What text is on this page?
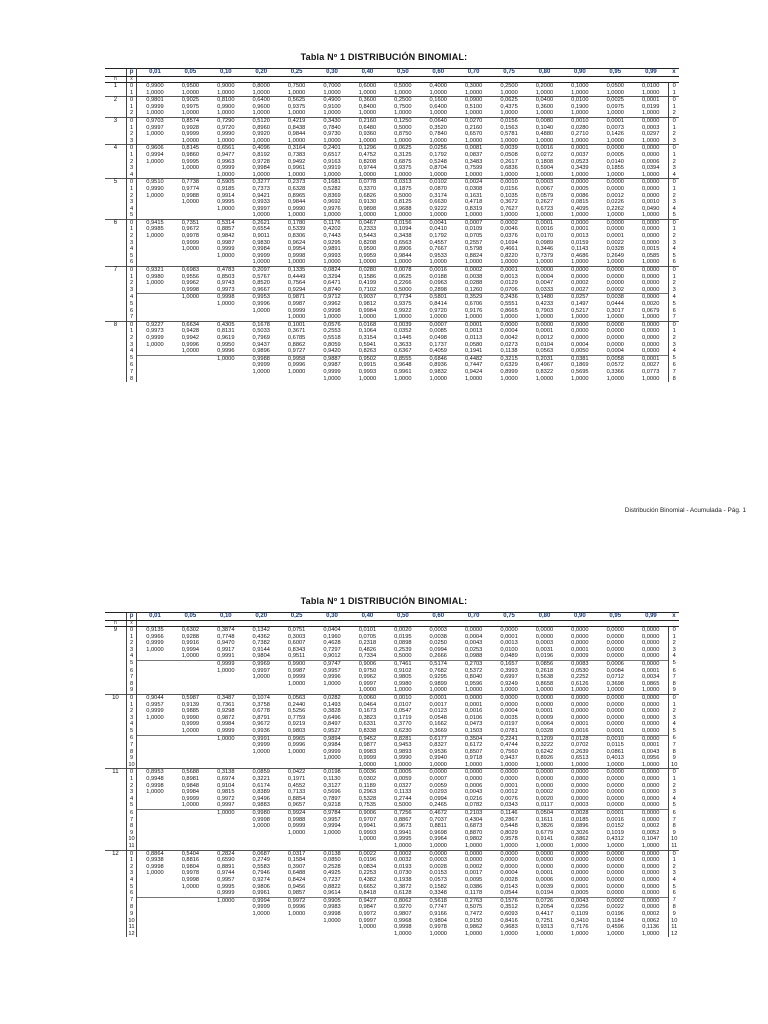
Tabla Nº 1 DISTRIBUCIÓN BINOMIAL:
	p	0,01	0,05	0,10	0,20	0,25	0,30	0,40	0,50	0,60	0,70	0,75	0,80	0,90	0,95	0,99	x
n	x																
1	0	0,9900	0,9500	0,9000	0,8000	0,7500	0,7000	0,6000	0,5000	0,4000	0,3000	0,2500	0,2000	0,1000	0,0500	0,0100	0
	1	1,0000	1,0000	1,0000	1,0000	1,0000	1,0000	1,0000	1,0000	1,0000	1,0000	1,0000	1,0000	1,0000	1,0000	1,0000	1
2	0	0,9801	0,9025	0,8100	0,6400	0,5625	0,4900	0,3600	0,2500	0,1600	0,0900	0,0625	0,0400	0,0100	0,0025	0,0001	0
	1	0,9999	0,9975	0,9900	0,9600	0,9375	0,9100	0,8400	0,7500	0,6400	0,5100	0,4375	0,3600	0,1900	0,0975	0,0199	1
	2	1,0000	1,0000	1,0000	1,0000	1,0000	1,0000	1,0000	1,0000	1,0000	1,0000	1,0000	1,0000	1,0000	1,0000	1,0000	2
3	0	0,9703	0,8574	0,7290	0,5120	0,4219	0,3430	0,2160	0,1250	0,0640	0,0270	0,0156	0,0080	0,0010	0,0001	0,0000	0
	1	0,9997	0,9928	0,9720	0,8960	0,8438	0,7840	0,6480	0,5000	0,3520	0,2160	0,1563	0,1040	0,0280	0,0073	0,0003	1
	2	1,0000	0,9999	0,9990	0,9920	0,9844	0,9730	0,9360	0,8750	0,7840	0,6570	0,5781	0,4880	0,2710	0,1426	0,0297	2
	3		1,0000	1,0000	1,0000	1,0000	1,0000	1,0000	1,0000	1,0000	1,0000	1,0000	1,0000	1,0000	1,0000	1,0000	3
4	0	0,9606	0,8145	0,6561	0,4096	0,3164	0,2401	0,1296	0,0625	0,0256	0,0081	0,0039	0,0016	0,0001	0,0000	0,0000	0
	1	0,9994	0,9860	0,9477	0,8192	0,7383	0,6517	0,4752	0,3125	0,1792	0,0837	0,0508	0,0272	0,0037	0,0005	0,0000	1
	2	1,0000	0,9995	0,9963	0,9728	0,9492	0,9163	0,8208	0,6875	0,5248	0,3483	0,2617	0,1808	0,0523	0,0140	0,0006	2
	3		1,0000	0,9999	0,9984	0,9961	0,9919	0,9744	0,9375	0,8704	0,7599	0,6836	0,5904	0,3439	0,1855	0,0394	3
	4			1,0000	1,0000	1,0000	1,0000	1,0000	1,0000	1,0000	1,0000	1,0000	1,0000	1,0000	1,0000	1,0000	4
5	0	0,9510	0,7738	0,5905	0,3277	0,2373	0,1681	0,0778	0,0313	0,0102	0,0024	0,0010	0,0003	0,0000	0,0000	0,0000	0
	1	0,9990	0,9774	0,9185	0,7373	0,6328	0,5282	0,3370	0,1875	0,0870	0,0308	0,0156	0,0067	0,0005	0,0000	0,0000	1
	2	1,0000	0,9988	0,9914	0,9421	0,8965	0,8369	0,6826	0,5000	0,3174	0,1631	0,1035	0,0579	0,0086	0,0012	0,0000	2
	3		1,0000	0,9995	0,9933	0,9844	0,9692	0,9130	0,8125	0,6630	0,4718	0,3672	0,2627	0,0815	0,0226	0,0010	3
	4			1,0000	0,9997	0,9990	0,9976	0,9898	0,9688	0,9222	0,8319	0,7627	0,6723	0,4095	0,2262	0,0490	4
	5				1,0000	1,0000	1,0000	1,0000	1,0000	1,0000	1,0000	1,0000	1,0000	1,0000	1,0000	1,0000	5
6	0	0,9415	0,7351	0,5314	0,2621	0,1780	0,1176	0,0467	0,0156	0,0041	0,0007	0,0002	0,0001	0,0000	0,0000	0,0000	0
	1	0,9985	0,9672	0,8857	0,6554	0,5339	0,4202	0,2333	0,1094	0,0410	0,0109	0,0046	0,0016	0,0001	0,0000	0,0000	1
	2	1,0000	0,9978	0,9842	0,9011	0,8306	0,7443	0,5443	0,3438	0,1792	0,0705	0,0376	0,0170	0,0013	0,0001	0,0000	2
	3		0,9999	0,9987	0,9830	0,9624	0,9295	0,8208	0,6563	0,4557	0,2557	0,1694	0,0989	0,0159	0,0022	0,0000	3
	4		1,0000	0,9999	0,9984	0,9954	0,9891	0,9590	0,8906	0,7667	0,5798	0,4661	0,3446	0,1143	0,0328	0,0015	4
	5			1,0000	0,9999	0,9998	0,9993	0,9959	0,9844	0,9533	0,8824	0,8220	0,7379	0,4686	0,2649	0,0585	5
	6				1,0000	1,0000	1,0000	1,0000	1,0000	1,0000	1,0000	1,0000	1,0000	1,0000	1,0000	1,0000	6
7	0	0,9321	0,6983	0,4783	0,2097	0,1335	0,0824	0,0280	0,0078	0,0016	0,0002	0,0001	0,0000	0,0000	0,0000	0,0000	0
	1	0,9980	0,9556	0,8503	0,5767	0,4449	0,3294	0,1586	0,0625	0,0188	0,0038	0,0013	0,0004	0,0000	0,0000	0,0000	1
	2	1,0000	0,9962	0,9743	0,8520	0,7564	0,6471	0,4199	0,2266	0,0963	0,0288	0,0129	0,0047	0,0002	0,0000	0,0000	2
	3		0,9998	0,9973	0,9667	0,9294	0,8740	0,7102	0,5000	0,2898	0,1260	0,0706	0,0333	0,0027	0,0002	0,0000	3
	4		1,0000	0,9998	0,9953	0,9871	0,9712	0,9037	0,7734	0,5801	0,3529	0,2436	0,1480	0,0257	0,0038	0,0000	4
	5			1,0000	0,9996	0,9987	0,9962	0,9812	0,9375	0,8414	0,6706	0,5551	0,4233	0,1497	0,0444	0,0020	5
	6				1,0000	0,9999	0,9998	0,9984	0,9922	0,9720	0,9176	0,8665	0,7903	0,5217	0,3017	0,0679	6
	7					1,0000	1,0000	1,0000	1,0000	1,0000	1,0000	1,0000	1,0000	1,0000	1,0000	1,0000	7
8	0	0,9227	0,6634	0,4305	0,1678	0,1001	0,0576	0,0168	0,0039	0,0007	0,0001	0,0000	0,0000	0,0000	0,0000	0,0000	0
	1	0,9973	0,9428	0,8131	0,5033	0,3671	0,2553	0,1064	0,0352	0,0085	0,0013	0,0004	0,0001	0,0000	0,0000	0,0000	1
	2	0,9999	0,9942	0,9619	0,7969	0,6785	0,5518	0,3154	0,1445	0,0498	0,0113	0,0042	0,0012	0,0000	0,0000	0,0000	2
	3	1,0000	0,9996	0,9950	0,9437	0,8862	0,8059	0,5941	0,3633	0,1737	0,0580	0,0273	0,0104	0,0004	0,0000	0,0000	3
	4		1,0000	0,9996	0,9896	0,9727	0,9420	0,8263	0,6367	0,4059	0,1941	0,1138	0,0563	0,0050	0,0004	0,0000	4
	5			1,0000	0,9988	0,9958	0,9887	0,9502	0,8555	0,6846	0,4482	0,3215	0,2031	0,0381	0,0058	0,0001	5
	6				0,9999	0,9996	0,9987	0,9915	0,9648	0,8936	0,7447	0,6329	0,4967	0,1869	0,0572	0,0027	6
	7				1,0000	1,0000	0,9999	0,9993	0,9961	0,9832	0,9424	0,8999	0,8322	0,5695	0,3366	0,0773	7
	8						1,0000	1,0000	1,0000	1,0000	1,0000	1,0000	1,0000	1,0000	1,0000	1,0000	8
Distribución Binomial - Acumulada - Pág. 1
Tabla Nº 1 DISTRIBUCIÓN BINOMIAL:
	p	0,01	0,05	0,10	0,20	0,25	0,30	0,40	0,50	0,60	0,70	0,75	0,80	0,90	0,95	0,99	x
n	x																
9	0	0,9135	0,6302	0,3874	0,1342	0,0751	0,0404	0,0101	0,0020	0,0003	0,0000	0,0000	0,0000	0,0000	0,0000	0,0000	0
	1	0,9966	0,9288	0,7748	0,4362	0,3003	0,1960	0,0705	0,0195	0,0038	0,0004	0,0001	0,0000	0,0000	0,0000	0,0000	1
	2	0,9999	0,9916	0,9470	0,7382	0,6007	0,4628	0,2318	0,0898	0,0250	0,0043	0,0013	0,0003	0,0000	0,0000	0,0000	2
	3	1,0000	0,9994	0,9917	0,9144	0,8343	0,7297	0,4826	0,2539	0,0994	0,0253	0,0100	0,0031	0,0001	0,0000	0,0000	3
	4		1,0000	0,9991	0,9804	0,9511	0,9012	0,7334	0,5000	0,2666	0,0988	0,0489	0,0196	0,0009	0,0000	0,0000	4
	5			0,9999	0,9969	0,9900	0,9747	0,9006	0,7461	0,5174	0,2703	0,1657	0,0856	0,0083	0,0006	0,0000	5
	6			1,0000	0,9997	0,9987	0,9957	0,9750	0,9102	0,7682	0,5372	0,3993	0,2618	0,0530	0,0084	0,0001	6
	7				1,0000	0,9999	0,9996	0,9962	0,9805	0,9295	0,8040	0,6997	0,5638	0,2252	0,0712	0,0034	7
	8					1,0000	1,0000	0,9997	0,9980	0,9899	0,9596	0,9249	0,8658	0,6126	0,3698	0,0865	8
	9							1,0000	1,0000	1,0000	1,0000	1,0000	1,0000	1,0000	1,0000	1,0000	9
10	0	0,9044	0,5987	0,3487	0,1074	0,0563	0,0282	0,0060	0,0010	0,0001	0,0000	0,0000	0,0000	0,0000	0,0000	0,0000	0
	1	0,9957	0,9139	0,7361	0,3758	0,2440	0,1493	0,0464	0,0107	0,0017	0,0001	0,0000	0,0000	0,0000	0,0000	0,0000	1
	2	0,9999	0,9885	0,9298	0,6778	0,5256	0,3828	0,1673	0,0547	0,0123	0,0016	0,0004	0,0001	0,0000	0,0000	0,0000	2
	3	1,0000	0,9990	0,9872	0,8791	0,7759	0,6496	0,3823	0,1719	0,0548	0,0106	0,0035	0,0009	0,0000	0,0000	0,0000	3
	4		0,9999	0,9984	0,9672	0,9219	0,8497	0,6331	0,3770	0,1662	0,0473	0,0197	0,0064	0,0001	0,0000	0,0000	4
	5		1,0000	0,9999	0,9936	0,9803	0,9527	0,8338	0,6230	0,3669	0,1503	0,0781	0,0328	0,0016	0,0001	0,0000	5
	6			1,0000	0,9991	0,9965	0,9894	0,9452	0,8281	0,6177	0,3504	0,2241	0,1209	0,0128	0,0010	0,0000	6
	7				0,9999	0,9996	0,9984	0,9877	0,9453	0,8327	0,6172	0,4744	0,3222	0,0702	0,0115	0,0001	7
	8				1,0000	1,0000	0,9999	0,9983	0,9893	0,9536	0,8507	0,7560	0,6242	0,2639	0,0861	0,0043	8
	9						1,0000	0,9999	0,9990	0,9940	0,9718	0,9437	0,8926	0,6513	0,4013	0,0956	9
	10							1,0000	1,0000	1,0000	1,0000	1,0000	1,0000	1,0000	1,0000	1,0000	10
11	0	0,8953	0,5688	0,3138	0,0859	0,0422	0,0198	0,0036	0,0005	0,0000	0,0000	0,0000	0,0000	0,0000	0,0000	0,0000	0
	1	0,9948	0,8981	0,6974	0,3221	0,1971	0,1130	0,0302	0,0059	0,0007	0,0000	0,0000	0,0000	0,0000	0,0000	0,0000	1
	2	0,9998	0,9848	0,9104	0,6174	0,4552	0,3127	0,1189	0,0327	0,0059	0,0006	0,0001	0,0000	0,0000	0,0000	0,0000	2
	3	1,0000	0,9984	0,9815	0,8389	0,7133	0,5696	0,2963	0,1133	0,0293	0,0043	0,0012	0,0002	0,0000	0,0000	0,0000	3
	4		0,9999	0,9972	0,9496	0,8854	0,7897	0,5328	0,2744	0,0994	0,0216	0,0076	0,0020	0,0000	0,0000	0,0000	4
	5		1,0000	0,9997	0,9883	0,9657	0,9218	0,7535	0,5000	0,2465	0,0782	0,0343	0,0117	0,0003	0,0000	0,0000	5
	6			1,0000	0,9980	0,9924	0,9784	0,9006	0,7256	0,4672	0,2103	0,1146	0,0504	0,0028	0,0001	0,0000	6
	7				0,9998	0,9988	0,9957	0,9707	0,8867	0,7037	0,4304	0,2867	0,1611	0,0185	0,0016	0,0000	7
	8				1,0000	0,9999	0,9994	0,9941	0,9673	0,8811	0,6873	0,5448	0,3826	0,0896	0,0152	0,0002	8
	9					1,0000	1,0000	0,9993	0,9941	0,9698	0,8870	0,8029	0,6779	0,3026	0,1019	0,0052	9
	10							1,0000	0,9995	0,9964	0,9802	0,9578	0,9141	0,6862	0,4312	0,1047	10
	11								1,0000	1,0000	1,0000	1,0000	1,0000	1,0000	1,0000	1,0000	11
12	0	0,8864	0,5404	0,2824	0,0687	0,0317	0,0138	0,0022	0,0002	0,0000	0,0000	0,0000	0,0000	0,0000	0,0000	0,0000	0
	1	0,9938	0,8816	0,6590	0,2749	0,1584	0,0850	0,0196	0,0032	0,0003	0,0000	0,0000	0,0000	0,0000	0,0000	0,0000	1
	2	0,9998	0,9804	0,8891	0,5583	0,3907	0,2528	0,0834	0,0193	0,0028	0,0002	0,0000	0,0000	0,0000	0,0000	0,0000	2
	3	1,0000	0,9978	0,9744	0,7946	0,6488	0,4925	0,2253	0,0730	0,0153	0,0017	0,0004	0,0001	0,0000	0,0000	0,0000	3
	4		0,9998	0,9957	0,9274	0,8424	0,7237	0,4382	0,1938	0,0573	0,0095	0,0028	0,0006	0,0000	0,0000	0,0000	4
	5		1,0000	0,9995	0,9806	0,9456	0,8822	0,6652	0,3872	0,1582	0,0386	0,0143	0,0039	0,0001	0,0000	0,0000	5
	6			0,9999	0,9961	0,9857	0,9614	0,8418	0,6128	0,3348	0,1178	0,0544	0,0194	0,0005	0,0000	0,0000	6
	7			1,0000	0,9994	0,9972	0,9905	0,9427	0,8062	0,5618	0,2763	0,1576	0,0726	0,0043	0,0002	0,0000	7
	8				0,9999	0,9996	0,9983	0,9847	0,9270	0,7747	0,5075	0,3512	0,2054	0,0256	0,0022	0,0000	8
	9				1,0000	1,0000	0,9998	0,9972	0,9807	0,9166	0,7472	0,6093	0,4417	0,1109	0,0196	0,0002	9
	10						1,0000	0,9997	0,9968	0,9804	0,9150	0,8416	0,7251	0,3410	0,1184	0,0062	10
	11							1,0000	0,9998	0,9978	0,9862	0,9683	0,9313	0,7176	0,4596	0,1136	11
	12								1,0000	1,0000	1,0000	1,0000	1,0000	1,0000	1,0000	1,0000	12
